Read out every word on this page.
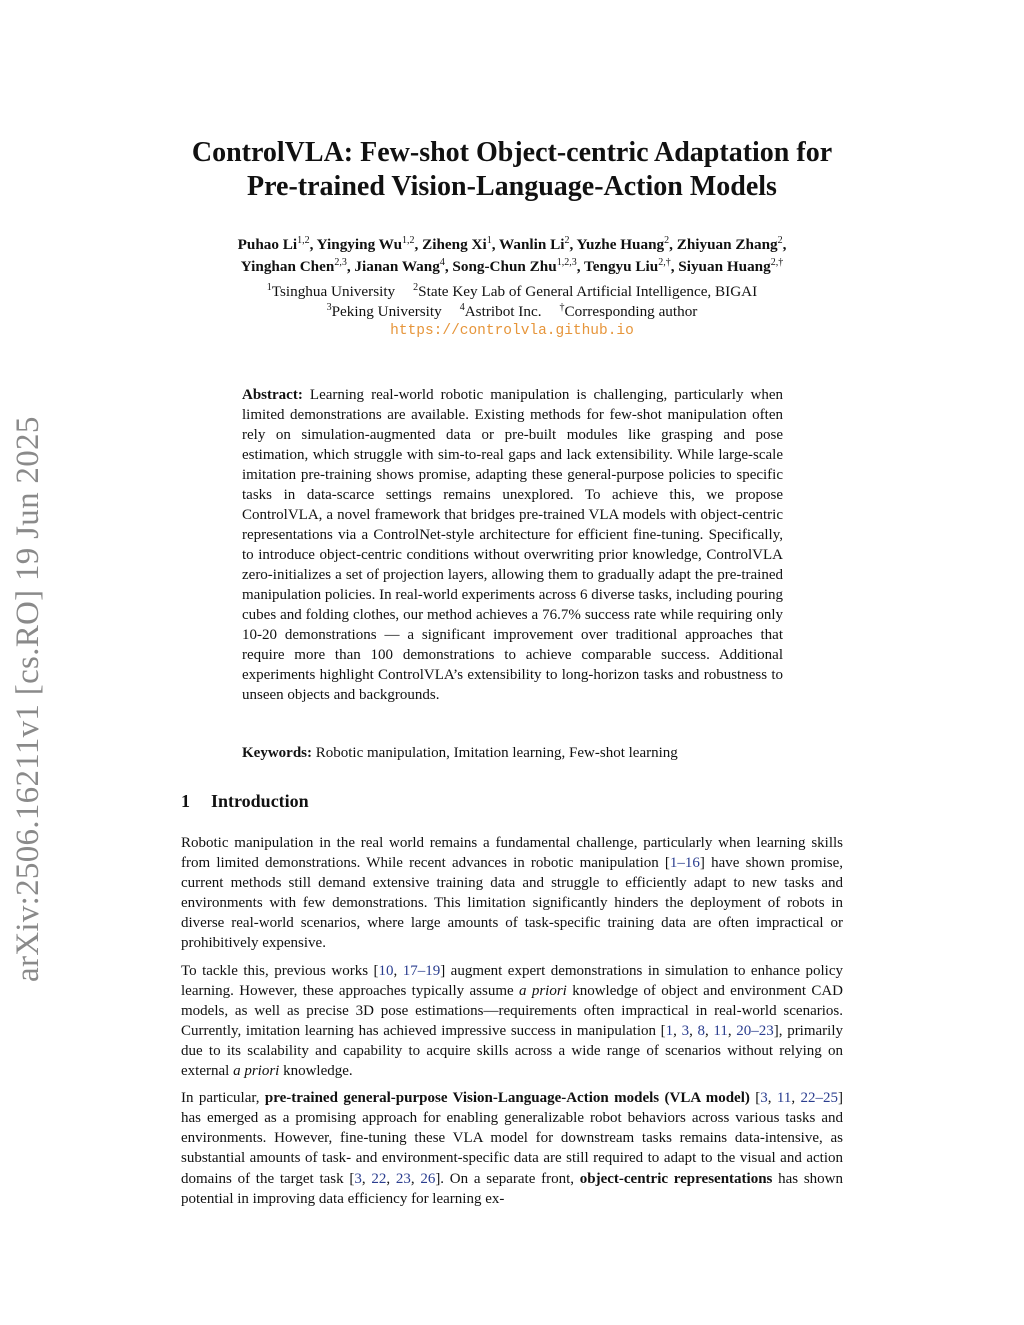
arXiv:2506.16211v1 [cs.RO] 19 Jun 2025
ControlVLA: Few-shot Object-centric Adaptation for
Pre-trained Vision-Language-Action Models
Puhao Li$^{1,2}$, Yingying Wu$^{1,2}$, Ziheng Xi$^1$, Wanlin Li$^2$, Yuzhe Huang$^2$, Zhiyuan Zhang$^2$,
Yinghan Chen$^{2,3}$, Jianan Wang$^4$, Song-Chun Zhu$^{1,2,3}$, Tengyu Liu$^{2,\dagger}$, Siyuan Huang$^{2,\dagger}$
$^1$Tsinghua University $^2$State Key Lab of General Artificial Intelligence, BIGAI
$^3$Peking University $^4$Astribot Inc. †Corresponding author
https://controlvla.github.io
Abstract: Learning real-world robotic manipulation is challenging, particularly when limited demonstrations are available. Existing methods for few-shot manipulation often rely on simulation-augmented data or pre-built modules like grasping and pose estimation, which struggle with sim-to-real gaps and lack extensibility. While large-scale imitation pre-training shows promise, adapting these general-purpose policies to specific tasks in data-scarce settings remains unexplored. To achieve this, we propose ControlVLA, a novel framework that bridges pre-trained VLA models with object-centric representations via a ControlNet-style architecture for efficient fine-tuning. Specifically, to introduce object-centric conditions without overwriting prior knowledge, ControlVLA zero-initializes a set of projection layers, allowing them to gradually adapt the pre-trained manipulation policies. In real-world experiments across 6 diverse tasks, including pouring cubes and folding clothes, our method achieves a 76.7% success rate while requiring only 10-20 demonstrations — a significant improvement over traditional approaches that require more than 100 demonstrations to achieve comparable success. Additional experiments highlight ControlVLA’s extensibility to long-horizon tasks and robustness to unseen objects and backgrounds.
Keywords: Robotic manipulation, Imitation learning, Few-shot learning
1 Introduction

Robotic manipulation in the real world remains a fundamental challenge, particularly when learning skills from limited demonstrations. While recent advances in robotic manipulation [1–16] have shown promise, current methods still demand extensive training data and struggle to efficiently adapt to new tasks and environments with few demonstrations. This limitation significantly hinders the deployment of robots in diverse real-world scenarios, where large amounts of task-specific training data are often impractical or prohibitively expensive.

To tackle this, previous works [10, 17–19] augment expert demonstrations in simulation to enhance policy learning. However, these approaches typically assume a priori knowledge of object and environment CAD models, as well as precise 3D pose estimations—requirements often impractical in real-world scenarios. Currently, imitation learning has achieved impressive success in manipulation [1, 3, 8, 11, 20–23], primarily due to its scalability and capability to acquire skills across a wide range of scenarios without relying on external a priori knowledge.

In particular, pre-trained general-purpose Vision-Language-Action models (VLA model) [3, 11, 22–25] has emerged as a promising approach for enabling generalizable robot behaviors across various tasks and environments. However, fine-tuning these VLA model for downstream tasks remains data-intensive, as substantial amounts of task- and environment-specific data are still required to adapt to the visual and action domains of the target task [3, 22, 23, 26]. On a separate front, object-centric representations has shown potential in improving data efficiency for learning ex-
